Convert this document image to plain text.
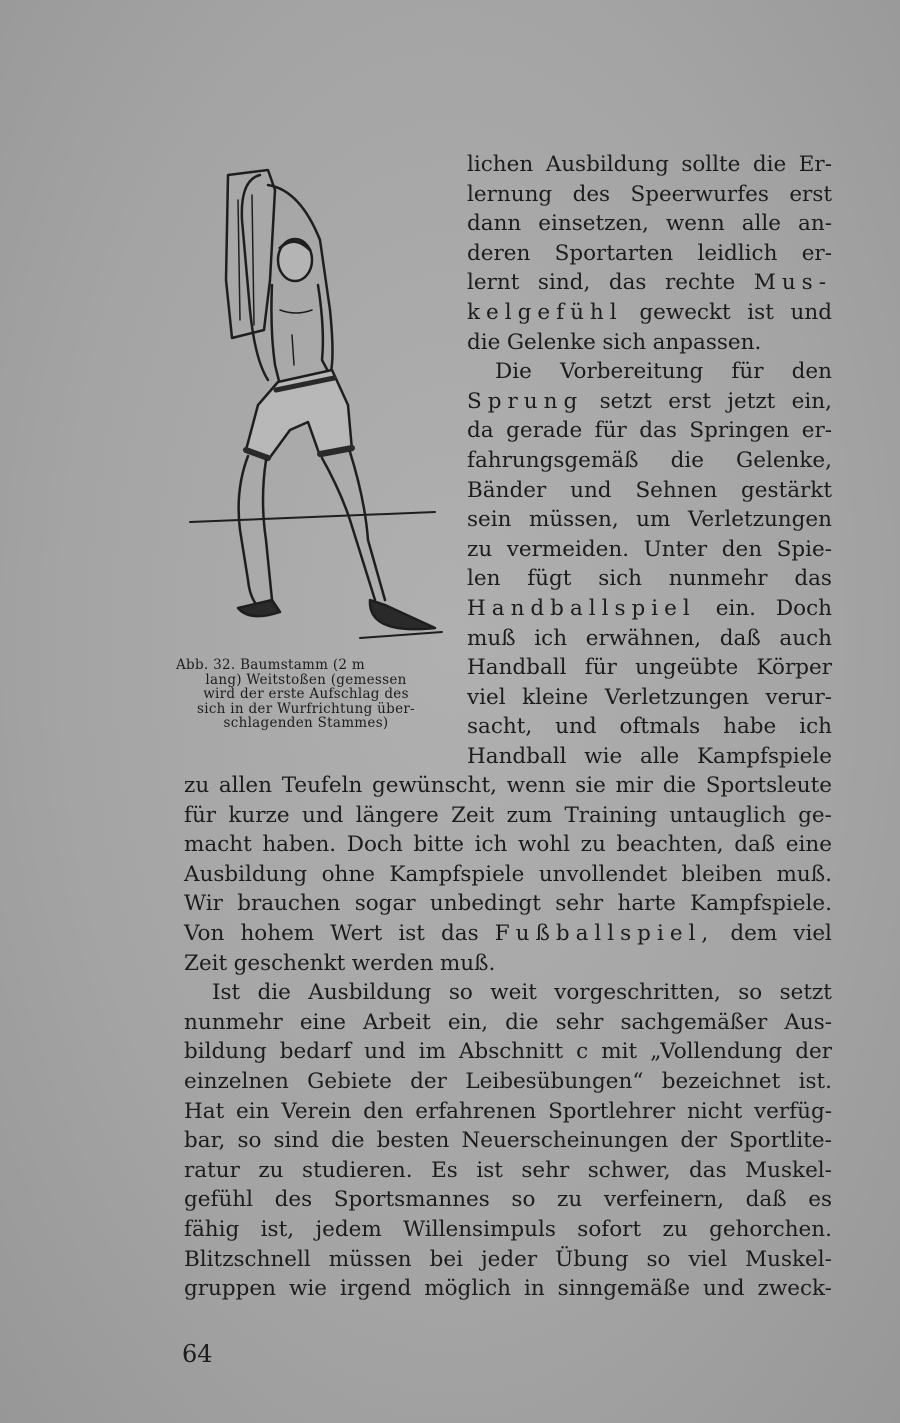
Abb. 32. Baumstamm (2 m
lang) Weitstoßen (gemessen
wird der erste Aufschlag des
sich in der Wurfrichtung über-
schlagenden Stammes)
lichen Ausbildung sollte die Er-
lernung des Speerwurfes erst
dann einsetzen, wenn alle an-
deren Sportarten leidlich er-
lernt sind, das rechte Mus-
kelgefühl geweckt ist und
die Gelenke sich anpassen.
Die Vorbereitung für den
Sprung setzt erst jetzt ein,
da gerade für das Springen er-
fahrungsgemäß die Gelenke,
Bänder und Sehnen gestärkt
sein müssen, um Verletzungen
zu vermeiden. Unter den Spie-
len fügt sich nunmehr das
Handballspiel ein. Doch
muß ich erwähnen, daß auch
Handball für ungeübte Körper
viel kleine Verletzungen verur-
sacht, und oftmals habe ich
Handball wie alle Kampfspiele
zu allen Teufeln gewünscht, wenn sie mir die Sportsleute
für kurze und längere Zeit zum Training untauglich ge-
macht haben. Doch bitte ich wohl zu beachten, daß eine
Ausbildung ohne Kampfspiele unvollendet bleiben muß.
Wir brauchen sogar unbedingt sehr harte Kampfspiele.
Von hohem Wert ist das Fußballspiel, dem viel
Zeit geschenkt werden muß.
Ist die Ausbildung so weit vorgeschritten, so setzt
nunmehr eine Arbeit ein, die sehr sachgemäßer Aus-
bildung bedarf und im Abschnitt c mit „Vollendung der
einzelnen Gebiete der Leibesübungen“ bezeichnet ist.
Hat ein Verein den erfahrenen Sportlehrer nicht verfüg-
bar, so sind die besten Neuerscheinungen der Sportlite-
ratur zu studieren. Es ist sehr schwer, das Muskel-
gefühl des Sportsmannes so zu verfeinern, daß es
fähig ist, jedem Willensimpuls sofort zu gehorchen.
Blitzschnell müssen bei jeder Übung so viel Muskel-
gruppen wie irgend möglich in sinngemäße und zweck-
64
